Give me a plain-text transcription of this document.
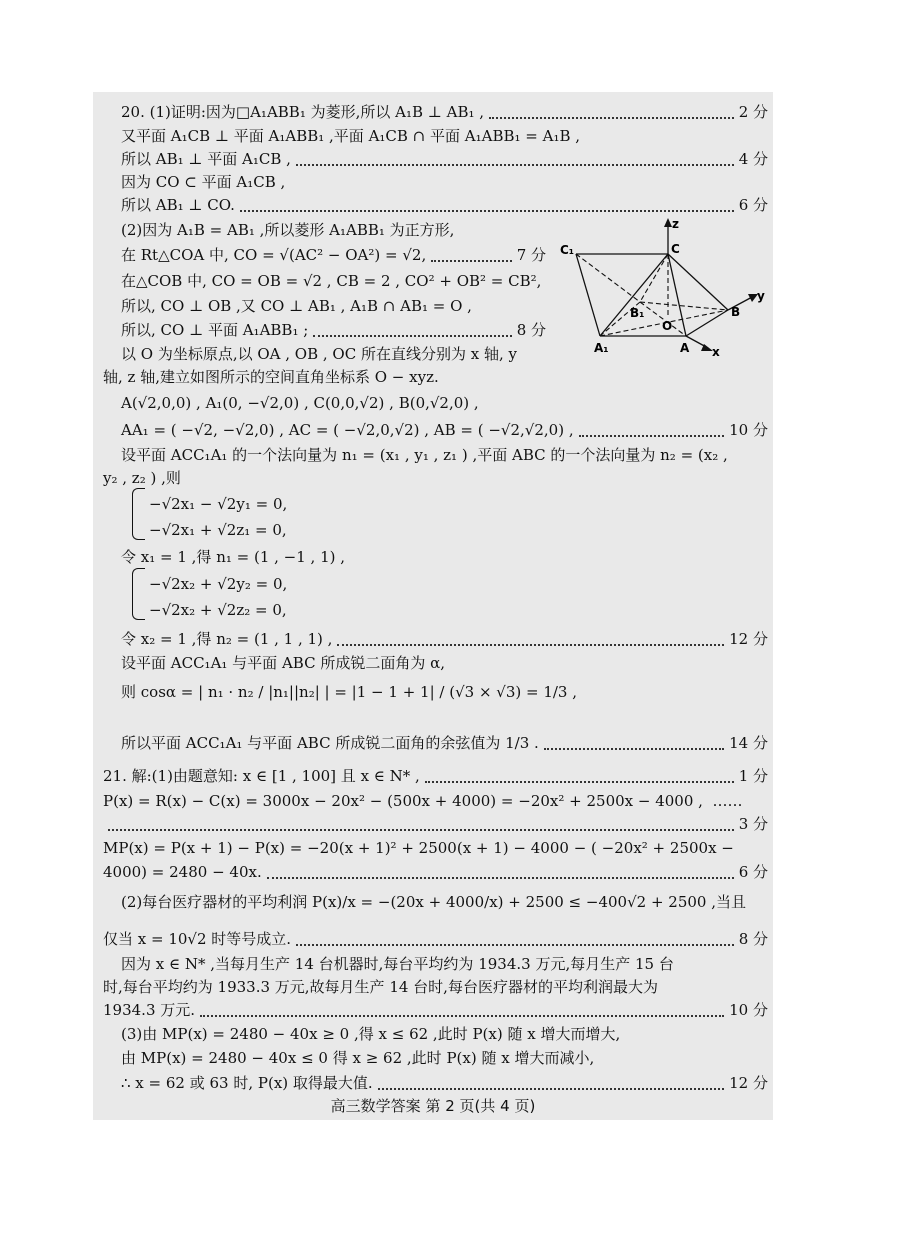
20. (1)证明:因为□A₁ABB₁ 为菱形,所以 A₁B ⊥ AB₁ ,	2 分
又平面 A₁CB ⊥ 平面 A₁ABB₁ ,平面 A₁CB ∩ 平面 A₁ABB₁ = A₁B ,
所以 AB₁ ⊥ 平面 A₁CB ,	4 分
因为 CO ⊂ 平面 A₁CB ,
所以 AB₁ ⊥ CO.	6 分
(2)因为 A₁B = AB₁ ,所以菱形 A₁ABB₁ 为正方形,
在 Rt△COA 中, CO = √(AC² − OA²) = √2,	7 分
在△COB 中, CO = OB = √2 , CB = 2 , CO² + OB² = CB²,
所以, CO ⊥ OB ,又 CO ⊥ AB₁ , A₁B ∩ AB₁ = O ,
所以, CO ⊥ 平面 A₁ABB₁ ;	8 分
以 O 为坐标原点,以 OA , OB , OC 所在直线分别为 x 轴, y
轴, z 轴,建立如图所示的空间直角坐标系 O − xyz.
A(√2,0,0) , A₁(0, −√2,0) , C(0,0,√2) , B(0,√2,0) ,
AA₁ = ( −√2, −√2,0) , AC = ( −√2,0,√2) , AB = ( −√2,√2,0) ,	10 分
设平面 ACC₁A₁ 的一个法向量为 n₁ = (x₁ , y₁ , z₁ ) ,平面 ABC 的一个法向量为 n₂ = (x₂ ,
y₂ , z₂ ) ,则
−√2x₁ − √2y₁ = 0,
−√2x₁ + √2z₁ = 0,
令 x₁ = 1 ,得 n₁ = (1 , −1 , 1) ,
−√2x₂ + √2y₂ = 0,
−√2x₂ + √2z₂ = 0,
令 x₂ = 1 ,得 n₂ = (1 , 1 , 1) ,	12 分
设平面 ACC₁A₁ 与平面 ABC 所成锐二面角为 α,
则 cosα = | n₁ · n₂ / |n₁||n₂| | = |1 − 1 + 1| / (√3 × √3) = 1/3 ,
所以平面 ACC₁A₁ 与平面 ABC 所成锐二面角的余弦值为 1/3 .	14 分
21. 解:(1)由题意知: x ∈ [1 , 100] 且 x ∈ N* ,	1 分
P(x) = R(x) − C(x) = 3000x − 20x² − (500x + 4000) = −20x² + 2500x − 4000 ,  ……
3 分
MP(x) = P(x + 1) − P(x) = −20(x + 1)² + 2500(x + 1) − 4000 − ( −20x² + 2500x −
4000) = 2480 − 40x.	6 分
(2)每台医疗器材的平均利润 P(x)/x = −(20x + 4000/x) + 2500 ≤ −400√2 + 2500 ,当且
仅当 x = 10√2 时等号成立.	8 分
因为 x ∈ N* ,当每月生产 14 台机器时,每台平均约为 1934.3 万元,每月生产 15 台
时,每台平均约为 1933.3 万元,故每月生产 14 台时,每台医疗器材的平均利润最大为
1934.3 万元.	10 分
(3)由 MP(x) = 2480 − 40x ≥ 0 ,得 x ≤ 62 ,此时 P(x) 随 x 增大而增大,
由 MP(x) = 2480 − 40x ≤ 0 得 x ≥ 62 ,此时 P(x) 随 x 增大而减小,
∴ x = 62 或 63 时, P(x) 取得最大值.	12 分
C₁	C
z
y
B₁
O
B
A₁	A x
高三数学答案 第 2 页(共 4 页)
